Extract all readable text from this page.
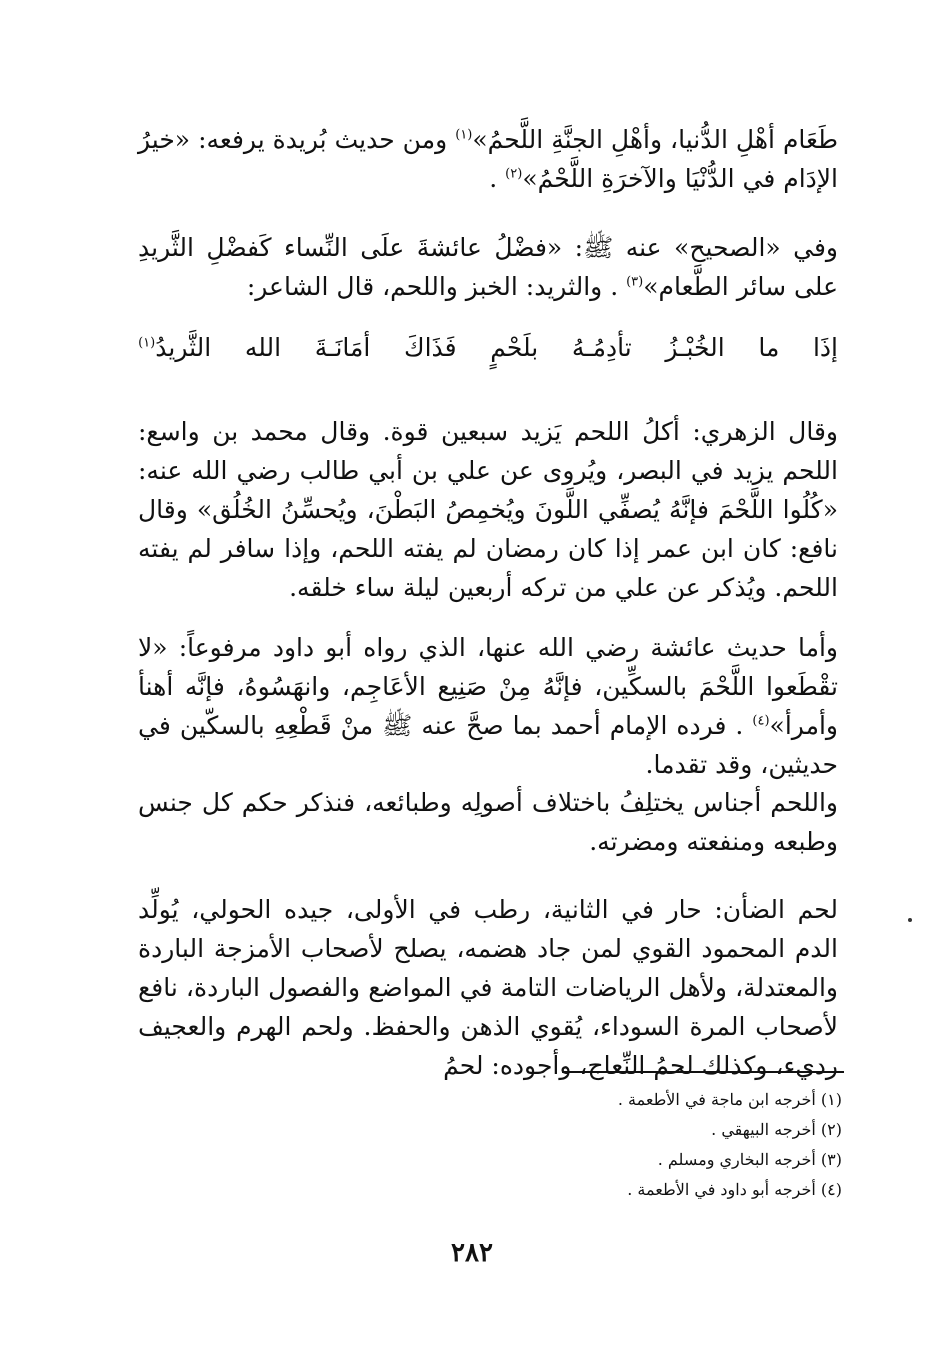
طَعَام أهْلِ الدُّنيا، وأهْلِ الجنَّةِ اللَّحمُ»$^{(١)}$ ومن حديث بُريدة يرفعه: «خيرُ الإدَام في الدُّنْيَا والآخرَةِ اللَّحْمُ»$^{(٢)}$ .

وفي «الصحيح» عنه ﷺ: «فضْلُ عائشةَ علَى النِّساء كَفضْلِ الثَّريدِ على سائر الطَّعام»$^{(٣)}$ . والثريد: الخبز واللحم، قال الشاعر:

إذَا
ما
الخُبْـزُ
تأدِمُـهُ
بلَحْمٍ
فَذَاكَ
أمَانَـةَ
الله
الثَّريدُ$^{(١)}$

وقال الزهري: أكلُ اللحم يَزيد سبعين قوة. وقال محمد بن واسع: اللحم يزيد في البصر، ويُروى عن علي بن أبي طالب رضي الله عنه: «كُلُوا اللَّحْمَ فإنَّهُ يُصفِّي اللَّونَ ويُخمِصُ البَطْنَ، ويُحسِّنُ الخُلُق» وقال نافع: كان ابن عمر إذا كان رمضان لم يفته اللحم، وإذا سافر لم يفته اللحم. ويُذكر عن علي من تركه أربعين ليلة ساء خلقه.

وأما حديث عائشة رضي الله عنها، الذي رواه أبو داود مرفوعاً: «لا تقْطَعوا اللَّحْمَ بالسكِّين، فإنَّهُ مِنْ صَنِيع الأعَاجِم، وانهَسُوهُ، فإنَّه أهنأ وأمرأ»$^{(٤)}$ . فرده الإمام أحمد بما صحَّ عنه ﷺ منْ قَطْعِهِ بالسكّين في حديثين، وقد تقدما.

واللحم أجناس يختلِفُ باختلاف أصولِه وطبائعه، فنذكر حكم كل جنس وطبعه ومنفعته ومضرته.

لحم الضأن: حار في الثانية، رطب في الأولى، جيده الحولي، يُولِّد الدم المحمود القوي لمن جاد هضمه، يصلح لأصحاب الأمزجة الباردة والمعتدلة، ولأهل الرياضات التامة في المواضع والفصول الباردة، نافع لأصحاب المرة السوداء، يُقوي الذهن والحفظ. ولحم الهرم والعجيف رديء، وكذلك لحمُ النِّعاج، وأجوده: لحمُ

(١) أخرجه ابن ماجة في الأطعمة .
(٢) أخرجه البيهقي .
(٣) أخرجه البخاري ومسلم .
(٤) أخرجه أبو داود في الأطعمة .
٢٨٢
